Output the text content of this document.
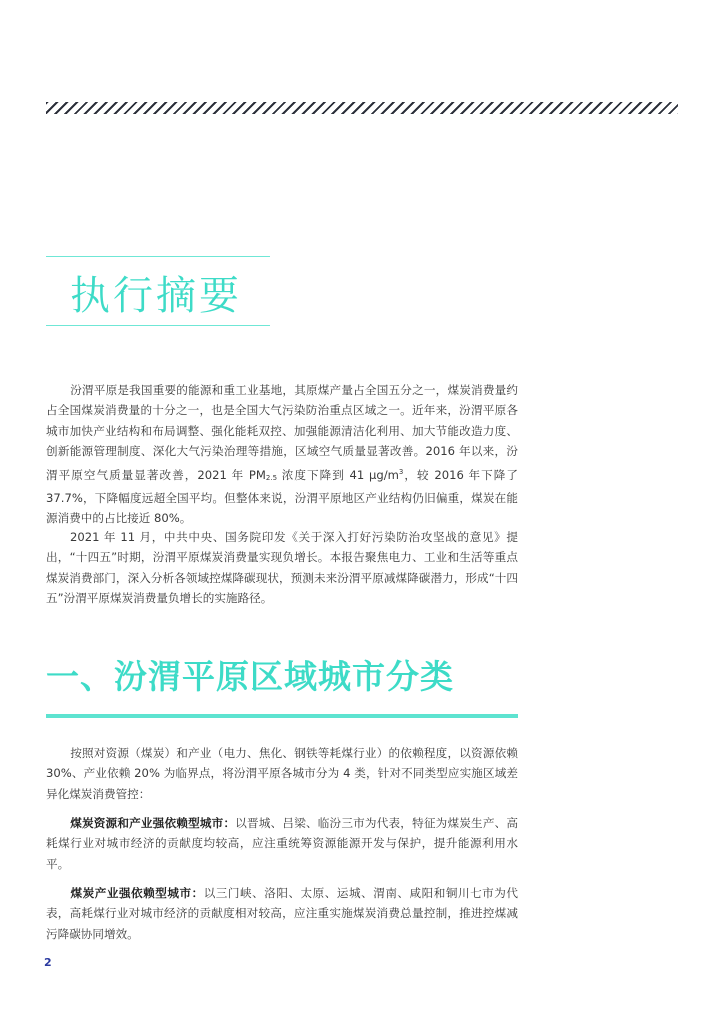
执行摘要
汾渭平原是我国重要的能源和重工业基地，其原煤产量占全国五分之一，煤炭消费量约占全国煤炭消费量的十分之一，也是全国大气污染防治重点区域之一。近年来，汾渭平原各城市加快产业结构和布局调整、强化能耗双控、加强能源清洁化利用、加大节能改造力度、创新能源管理制度、深化大气污染治理等措施，区域空气质量显著改善。2016 年以来，汾渭平原空气质量显著改善，2021 年 $PM_{2.5}$ 浓度下降到 41 $\mu g/m^3$，较 2016 年下降了 37.7%，下降幅度远超全国平均。但整体来说，汾渭平原地区产业结构仍旧偏重，煤炭在能源消费中的占比接近 80%。
2021 年 11 月，中共中央、国务院印发《关于深入打好污染防治攻坚战的意见》提出，“十四五”时期，汾渭平原煤炭消费量实现负增长。本报告聚焦电力、工业和生活等重点煤炭消费部门，深入分析各领域控煤降碳现状，预测未来汾渭平原减煤降碳潜力，形成“十四五”汾渭平原煤炭消费量负增长的实施路径。
一、汾渭平原区域城市分类
按照对资源（煤炭）和产业（电力、焦化、钢铁等耗煤行业）的依赖程度，以资源依赖 30%、产业依赖 20% 为临界点，将汾渭平原各城市分为 4 类，针对不同类型应实施区域差异化煤炭消费管控：
煤炭资源和产业强依赖型城市：以晋城、吕梁、临汾三市为代表，特征为煤炭生产、高耗煤行业对城市经济的贡献度均较高，应注重统筹资源能源开发与保护，提升能源利用水平。
煤炭产业强依赖型城市：以三门峡、洛阳、太原、运城、渭南、咸阳和铜川七市为代表，高耗煤行业对城市经济的贡献度相对较高，应注重实施煤炭消费总量控制，推进控煤减污降碳协同增效。
2
